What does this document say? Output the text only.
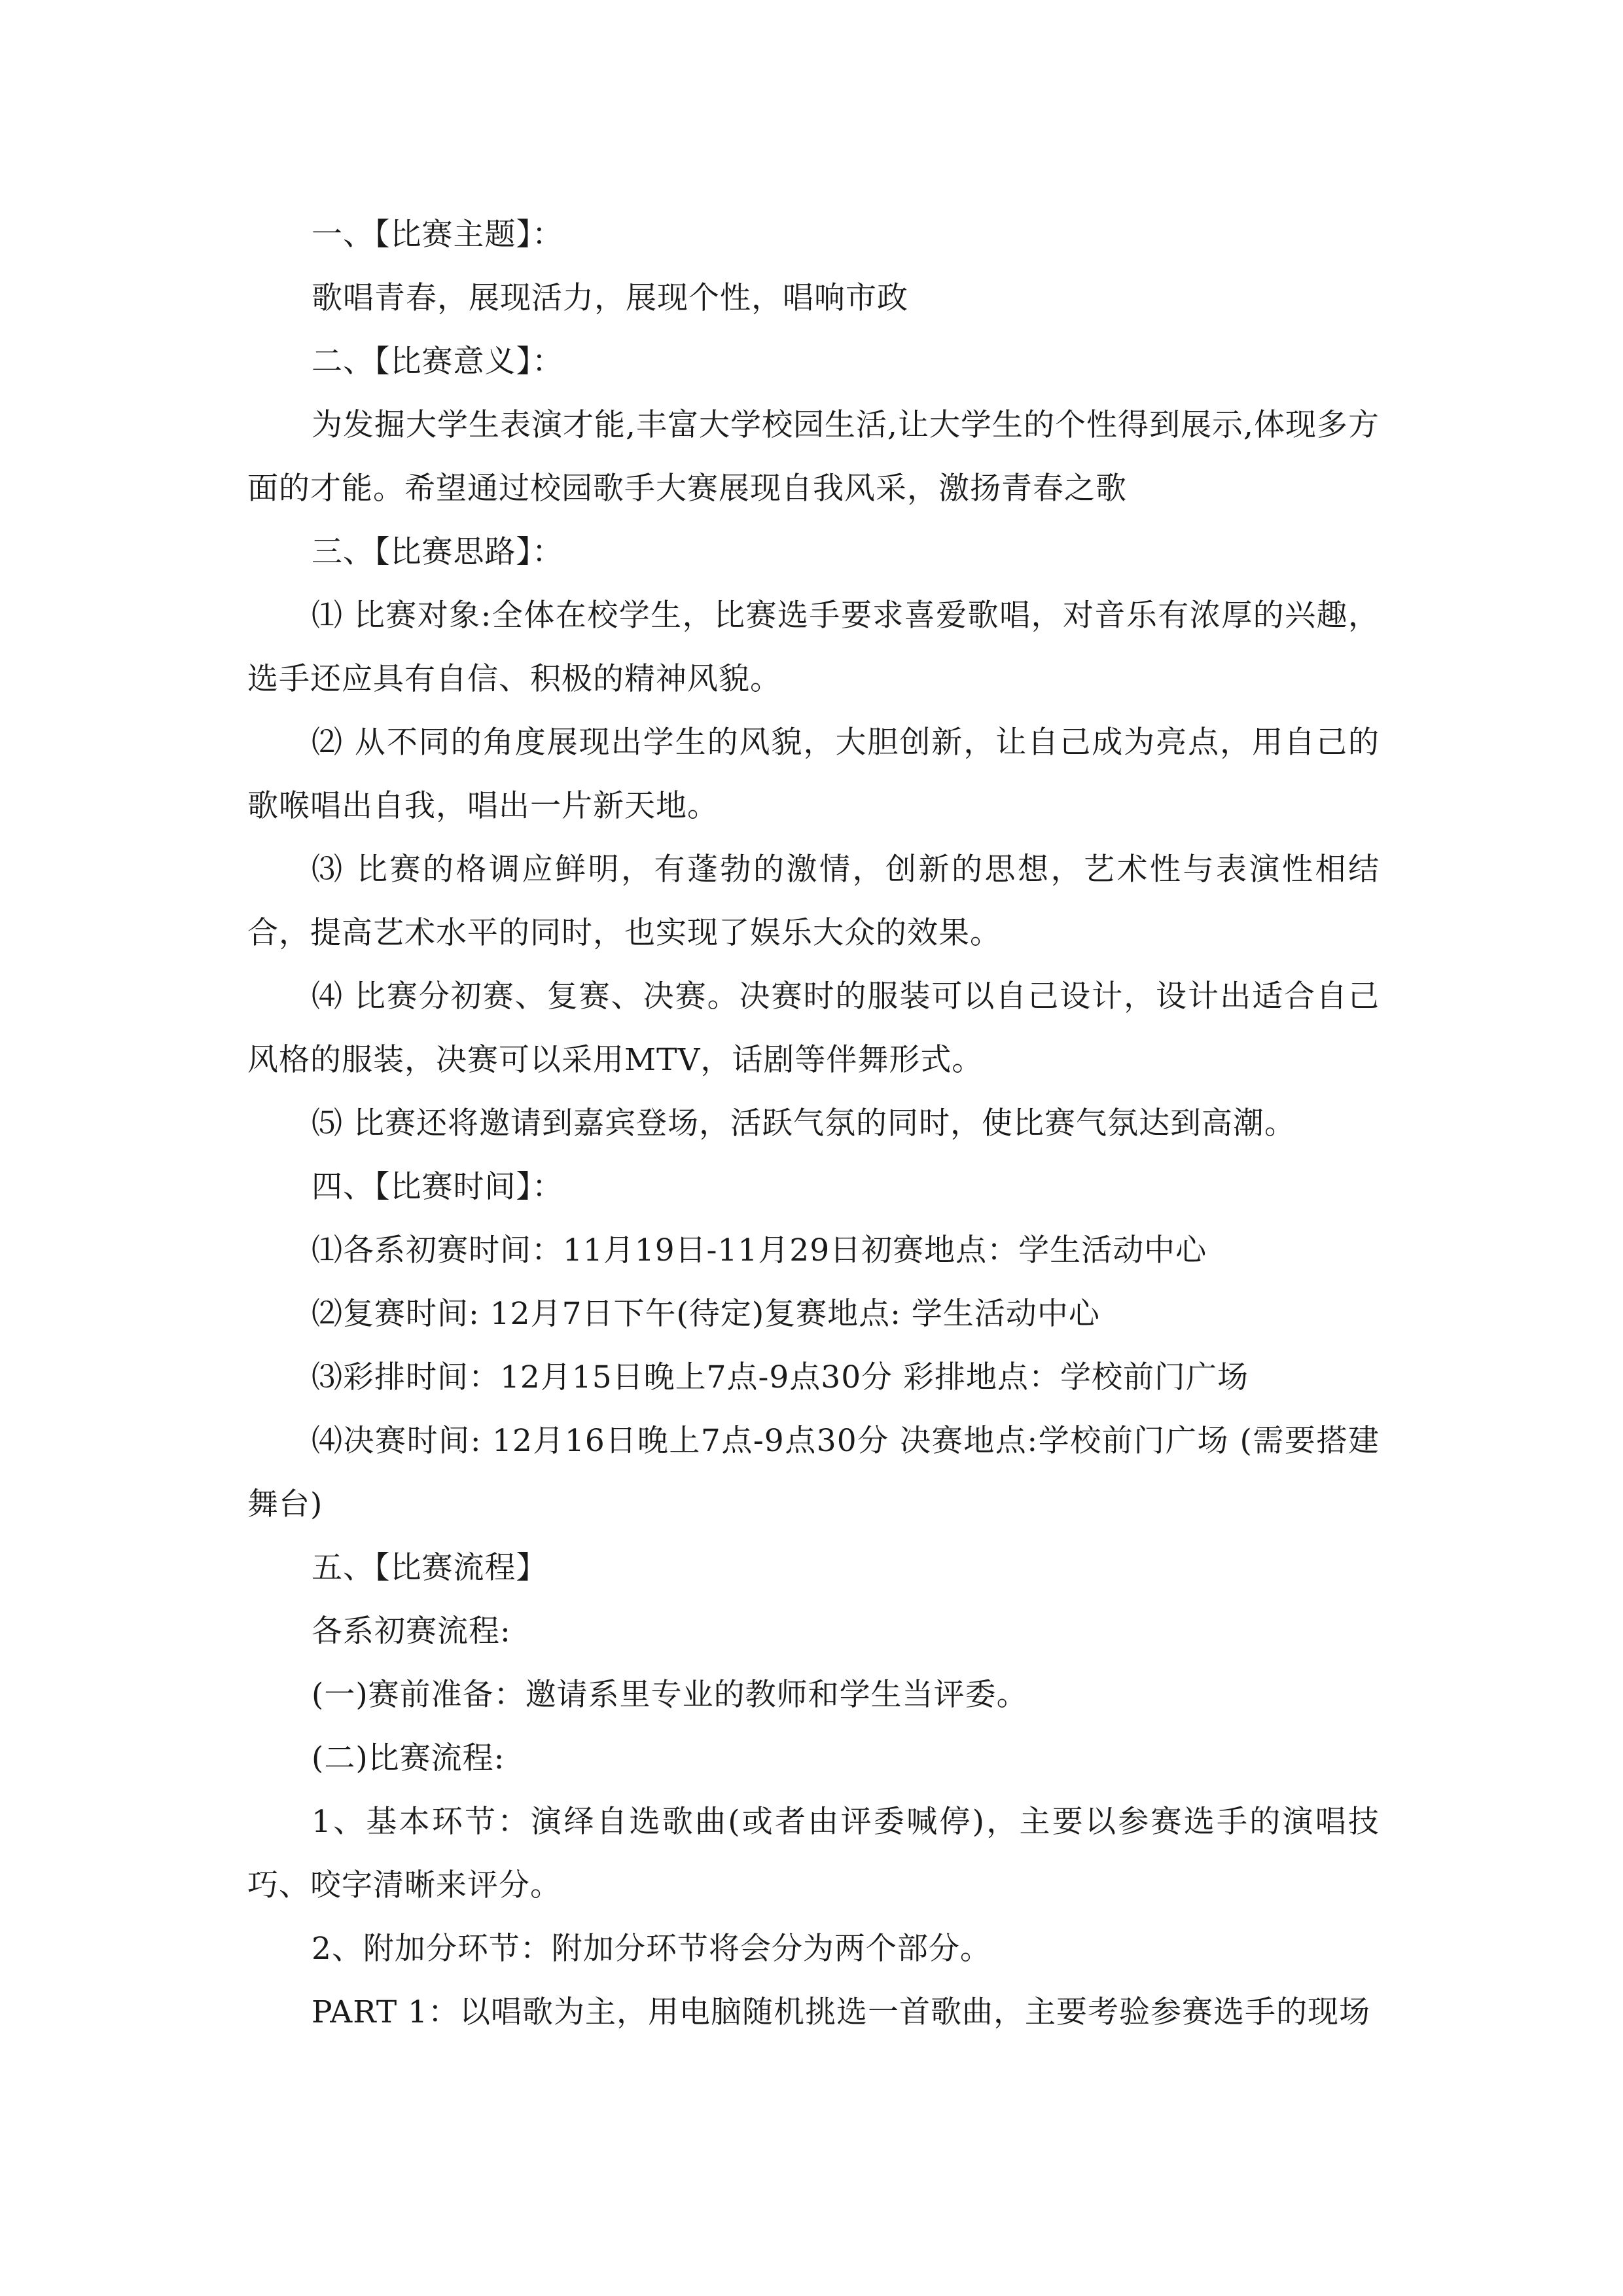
一、【比赛主题】：

歌唱青春，展现活力，展现个性，唱响市政

二、【比赛意义】：

为发掘大学生表演才能,丰富大学校园生活,让大学生的个性得到展示,体现多方面的才能。希望通过校园歌手大赛展现自我风采，激扬青春之歌

三、【比赛思路】：

⑴ 比赛对象:全体在校学生，比赛选手要求喜爱歌唱，对音乐有浓厚的兴趣，选手还应具有自信、积极的精神风貌。

⑵ 从不同的角度展现出学生的风貌，大胆创新，让自己成为亮点，用自己的歌喉唱出自我，唱出一片新天地。

⑶ 比赛的格调应鲜明，有蓬勃的激情，创新的思想，艺术性与表演性相结合，提高艺术水平的同时，也实现了娱乐大众的效果。

⑷ 比赛分初赛、复赛、决赛。决赛时的服装可以自己设计，设计出适合自己风格的服装，决赛可以采用MTV，话剧等伴舞形式。

⑸ 比赛还将邀请到嘉宾登场，活跃气氛的同时，使比赛气氛达到高潮。

四、【比赛时间】：

⑴各系初赛时间：11月19日-11月29日初赛地点：学生活动中心

⑵复赛时间: 12月7日下午(待定)复赛地点: 学生活动中心

⑶彩排时间：12月15日晚上7点-9点30分 彩排地点：学校前门广场

⑷决赛时间: 12月16日晚上7点-9点30分 决赛地点:学校前门广场 (需要搭建舞台)

五、【比赛流程】

各系初赛流程:

(一)赛前准备：邀请系里专业的教师和学生当评委。

(二)比赛流程:

1、基本环节：演绎自选歌曲(或者由评委喊停)，主要以参赛选手的演唱技巧、咬字清晰来评分。

2、附加分环节：附加分环节将会分为两个部分。

PART 1：以唱歌为主，用电脑随机挑选一首歌曲，主要考验参赛选手的现场
